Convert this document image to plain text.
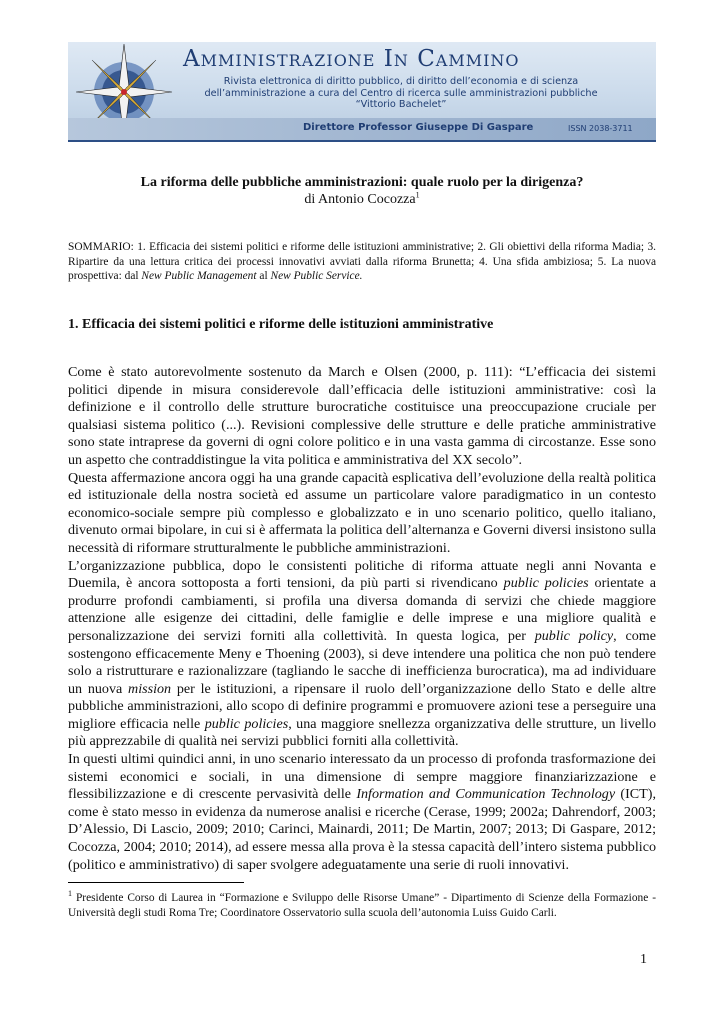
Amministrazione In Cammino
Rivista elettronica di diritto pubblico, di diritto dell’economia e di scienza
dell’amministrazione a cura del Centro di ricerca sulle amministrazioni pubbliche
“Vittorio Bachelet”
Direttore Professor Giuseppe Di Gaspare	ISSN 2038-3711
La riforma delle pubbliche amministrazioni: quale ruolo per la dirigenza?
di Antonio Cocozza$^1$
SOMMARIO: 1. Efficacia dei sistemi politici e riforme delle istituzioni amministrative; 2. Gli obiettivi della riforma Madia; 3. Ripartire da una lettura critica dei processi innovativi avviati dalla riforma Brunetta; 4. Una sfida ambiziosa; 5. La nuova prospettiva: dal New Public Management al New Public Service.
1. Efficacia dei sistemi politici e riforme delle istituzioni amministrative

Come è stato autorevolmente sostenuto da March e Olsen (2000, p. 111): “L’efficacia dei sistemi politici dipende in misura considerevole dall’efficacia delle istituzioni amministrative: così la definizione e il controllo delle strutture burocratiche costituisce una preoccupazione cruciale per qualsiasi sistema politico (...). Revisioni complessive delle strutture e delle pratiche amministrative sono state intraprese da governi di ogni colore politico e in una vasta gamma di circostanze. Esse sono un aspetto che contraddistingue la vita politica e amministrativa del XX secolo”.

Questa affermazione ancora oggi ha una grande capacità esplicativa dell’evoluzione della realtà politica ed istituzionale della nostra società ed assume un particolare valore paradigmatico in un contesto economico-sociale sempre più complesso e globalizzato e in uno scenario politico, quello italiano, divenuto ormai bipolare, in cui si è affermata la politica dell’alternanza e Governi diversi insistono sulla necessità di riformare strutturalmente le pubbliche amministrazioni.

L’organizzazione pubblica, dopo le consistenti politiche di riforma attuate negli anni Novanta e Duemila, è ancora sottoposta a forti tensioni, da più parti si rivendicano public policies orientate a produrre profondi cambiamenti, si profila una diversa domanda di servizi che chiede maggiore attenzione alle esigenze dei cittadini, delle famiglie e delle imprese e una migliore qualità e personalizzazione dei servizi forniti alla collettività. In questa logica, per public policy, come sostengono efficacemente Meny e Thoening (2003), si deve intendere una politica che non può tendere solo a ristrutturare e razionalizzare (tagliando le sacche di inefficienza burocratica), ma ad individuare un nuova mission per le istituzioni, a ripensare il ruolo dell’organizzazione dello Stato e delle altre pubbliche amministrazioni, allo scopo di definire programmi e promuovere azioni tese a perseguire una migliore efficacia nelle public policies, una maggiore snellezza organizzativa delle strutture, un livello più apprezzabile di qualità nei servizi pubblici forniti alla collettività.

In questi ultimi quindici anni, in uno scenario interessato da un processo di profonda trasformazione dei sistemi economici e sociali, in una dimensione di sempre maggiore finanziarizzazione e flessibilizzazione e di crescente pervasività delle Information and Communication Technology (ICT), come è stato messo in evidenza da numerose analisi e ricerche (Cerase, 1999; 2002a; Dahrendorf, 2003; D’Alessio, Di Lascio, 2009; 2010; Carinci, Mainardi, 2011; De Martin, 2007; 2013; Di Gaspare, 2012; Cocozza, 2004; 2010; 2014), ad essere messa alla prova è la stessa capacità dell’intero sistema pubblico (politico e amministrativo) di saper svolgere adeguatamente una serie di ruoli innovativi.

$^1$ Presidente Corso di Laurea in “Formazione e Sviluppo delle Risorse Umane” - Dipartimento di Scienze della Formazione - Università degli studi Roma Tre; Coordinatore Osservatorio sulla scuola dell’autonomia Luiss Guido Carli.
1
